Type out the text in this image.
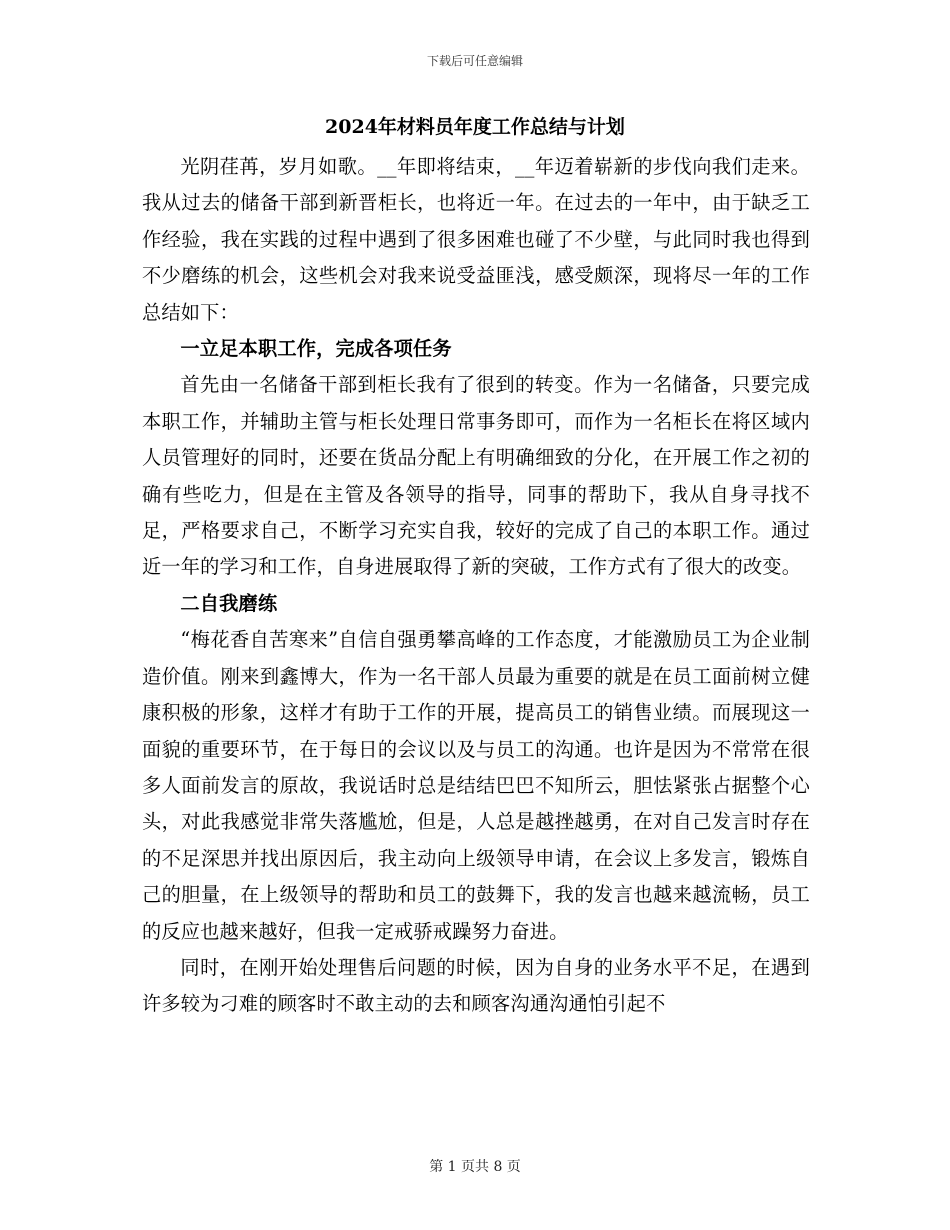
下载后可任意编辑
2024年材料员年度工作总结与计划

光阴荏苒，岁月如歌。__年即将结束，__年迈着崭新的步伐向我们走来。我从过去的储备干部到新晋柜长，也将近一年。在过去的一年中，由于缺乏工作经验，我在实践的过程中遇到了很多困难也碰了不少壁，与此同时我也得到不少磨练的机会，这些机会对我来说受益匪浅，感受颇深，现将尽一年的工作总结如下：

一立足本职工作，完成各项任务

首先由一名储备干部到柜长我有了很到的转变。作为一名储备，只要完成本职工作，并辅助主管与柜长处理日常事务即可，而作为一名柜长在将区域内人员管理好的同时，还要在货品分配上有明确细致的分化，在开展工作之初的确有些吃力，但是在主管及各领导的指导，同事的帮助下，我从自身寻找不足，严格要求自己，不断学习充实自我，较好的完成了自己的本职工作。通过近一年的学习和工作，自身进展取得了新的突破，工作方式有了很大的改变。

二自我磨练

“梅花香自苦寒来”自信自强勇攀高峰的工作态度，才能激励员工为企业制造价值。刚来到鑫博大，作为一名干部人员最为重要的就是在员工面前树立健康积极的形象，这样才有助于工作的开展，提高员工的销售业绩。而展现这一面貌的重要环节，在于每日的会议以及与员工的沟通。也许是因为不常常在很多人面前发言的原故，我说话时总是结结巴巴不知所云，胆怯紧张占据整个心头，对此我感觉非常失落尴尬，但是，人总是越挫越勇，在对自己发言时存在的不足深思并找出原因后，我主动向上级领导申请，在会议上多发言，锻炼自己的胆量，在上级领导的帮助和员工的鼓舞下，我的发言也越来越流畅，员工的反应也越来越好，但我一定戒骄戒躁努力奋进。

同时，在刚开始处理售后问题的时候，因为自身的业务水平不足，在遇到许多较为刁难的顾客时不敢主动的去和顾客沟通沟通怕引起不

第 1 页共 8 页
